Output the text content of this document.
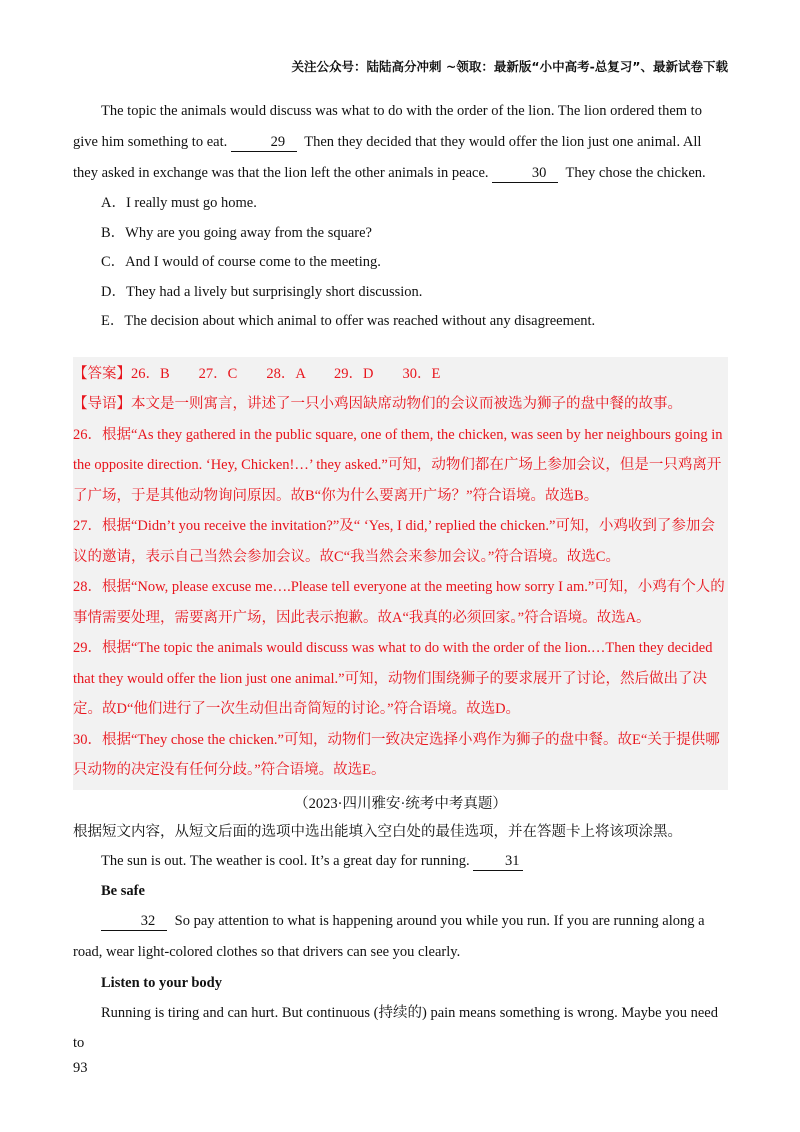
关注公众号：陆陆高分冲刺 ~领取：最新版“小中高考-总复习”、最新试卷下载

The topic the animals would discuss was what to do with the order of the lion. The lion ordered them to give him something to eat.	29 Then they decided that they would offer the lion just one animal. All they asked in exchange was that the lion left the other animals in peace.	30 They chose the chicken.

A．I really must go home.

B．Why are you going away from the square?

C．And I would of course come to the meeting.

D．They had a lively but surprisingly short discussion.

E．The decision about which animal to offer was reached without any disagreement.

【答案】26．B　　27．C　　28．A　　29．D　　30．E

【导语】本文是一则寓言，讲述了一只小鸡因缺席动物们的会议而被选为狮子的盘中餐的故事。

26．根据“As they gathered in the public square, one of them, the chicken, was seen by her neighbours going in the opposite direction. ‘Hey, Chicken!…’ they asked.”可知，动物们都在广场上参加会议，但是一只鸡离开了广场，于是其他动物询问原因。故B“你为什么要离开广场？”符合语境。故选B。

27．根据“Didn’t you receive the invitation?”及“ ‘Yes, I did,’ replied the chicken.”可知，小鸡收到了参加会议的邀请，表示自己当然会参加会议。故C“我当然会来参加会议。”符合语境。故选C。

28．根据“Now, please excuse me….Please tell everyone at the meeting how sorry I am.”可知，小鸡有个人的事情需要处理，需要离开广场，因此表示抱歉。故A“我真的必须回家。”符合语境。故选A。

29．根据“The topic the animals would discuss was what to do with the order of the lion.…Then they decided that they would offer the lion just one animal.”可知，动物们围绕狮子的要求展开了讨论，然后做出了决定。故D“他们进行了一次生动但出奇简短的讨论。”符合语境。故选D。

30．根据“They chose the chicken.”可知，动物们一致决定选择小鸡作为狮子的盘中餐。故E“关于提供哪只动物的决定没有任何分歧。”符合语境。故选E。

（2023·四川雅安·统考中考真题）

根据短文内容，从短文后面的选项中选出能填入空白处的最佳选项，并在答题卡上将该项涂黑。

The sun is out. The weather is cool. It’s a great day for running. 31

Be safe

32 So pay attention to what is happening around you while you run. If you are running along a road, wear light-colored clothes so that drivers can see you clearly.

Listen to your body

Running is tiring and can hurt. But continuous (持续的) pain means something is wrong. Maybe you need to

93
